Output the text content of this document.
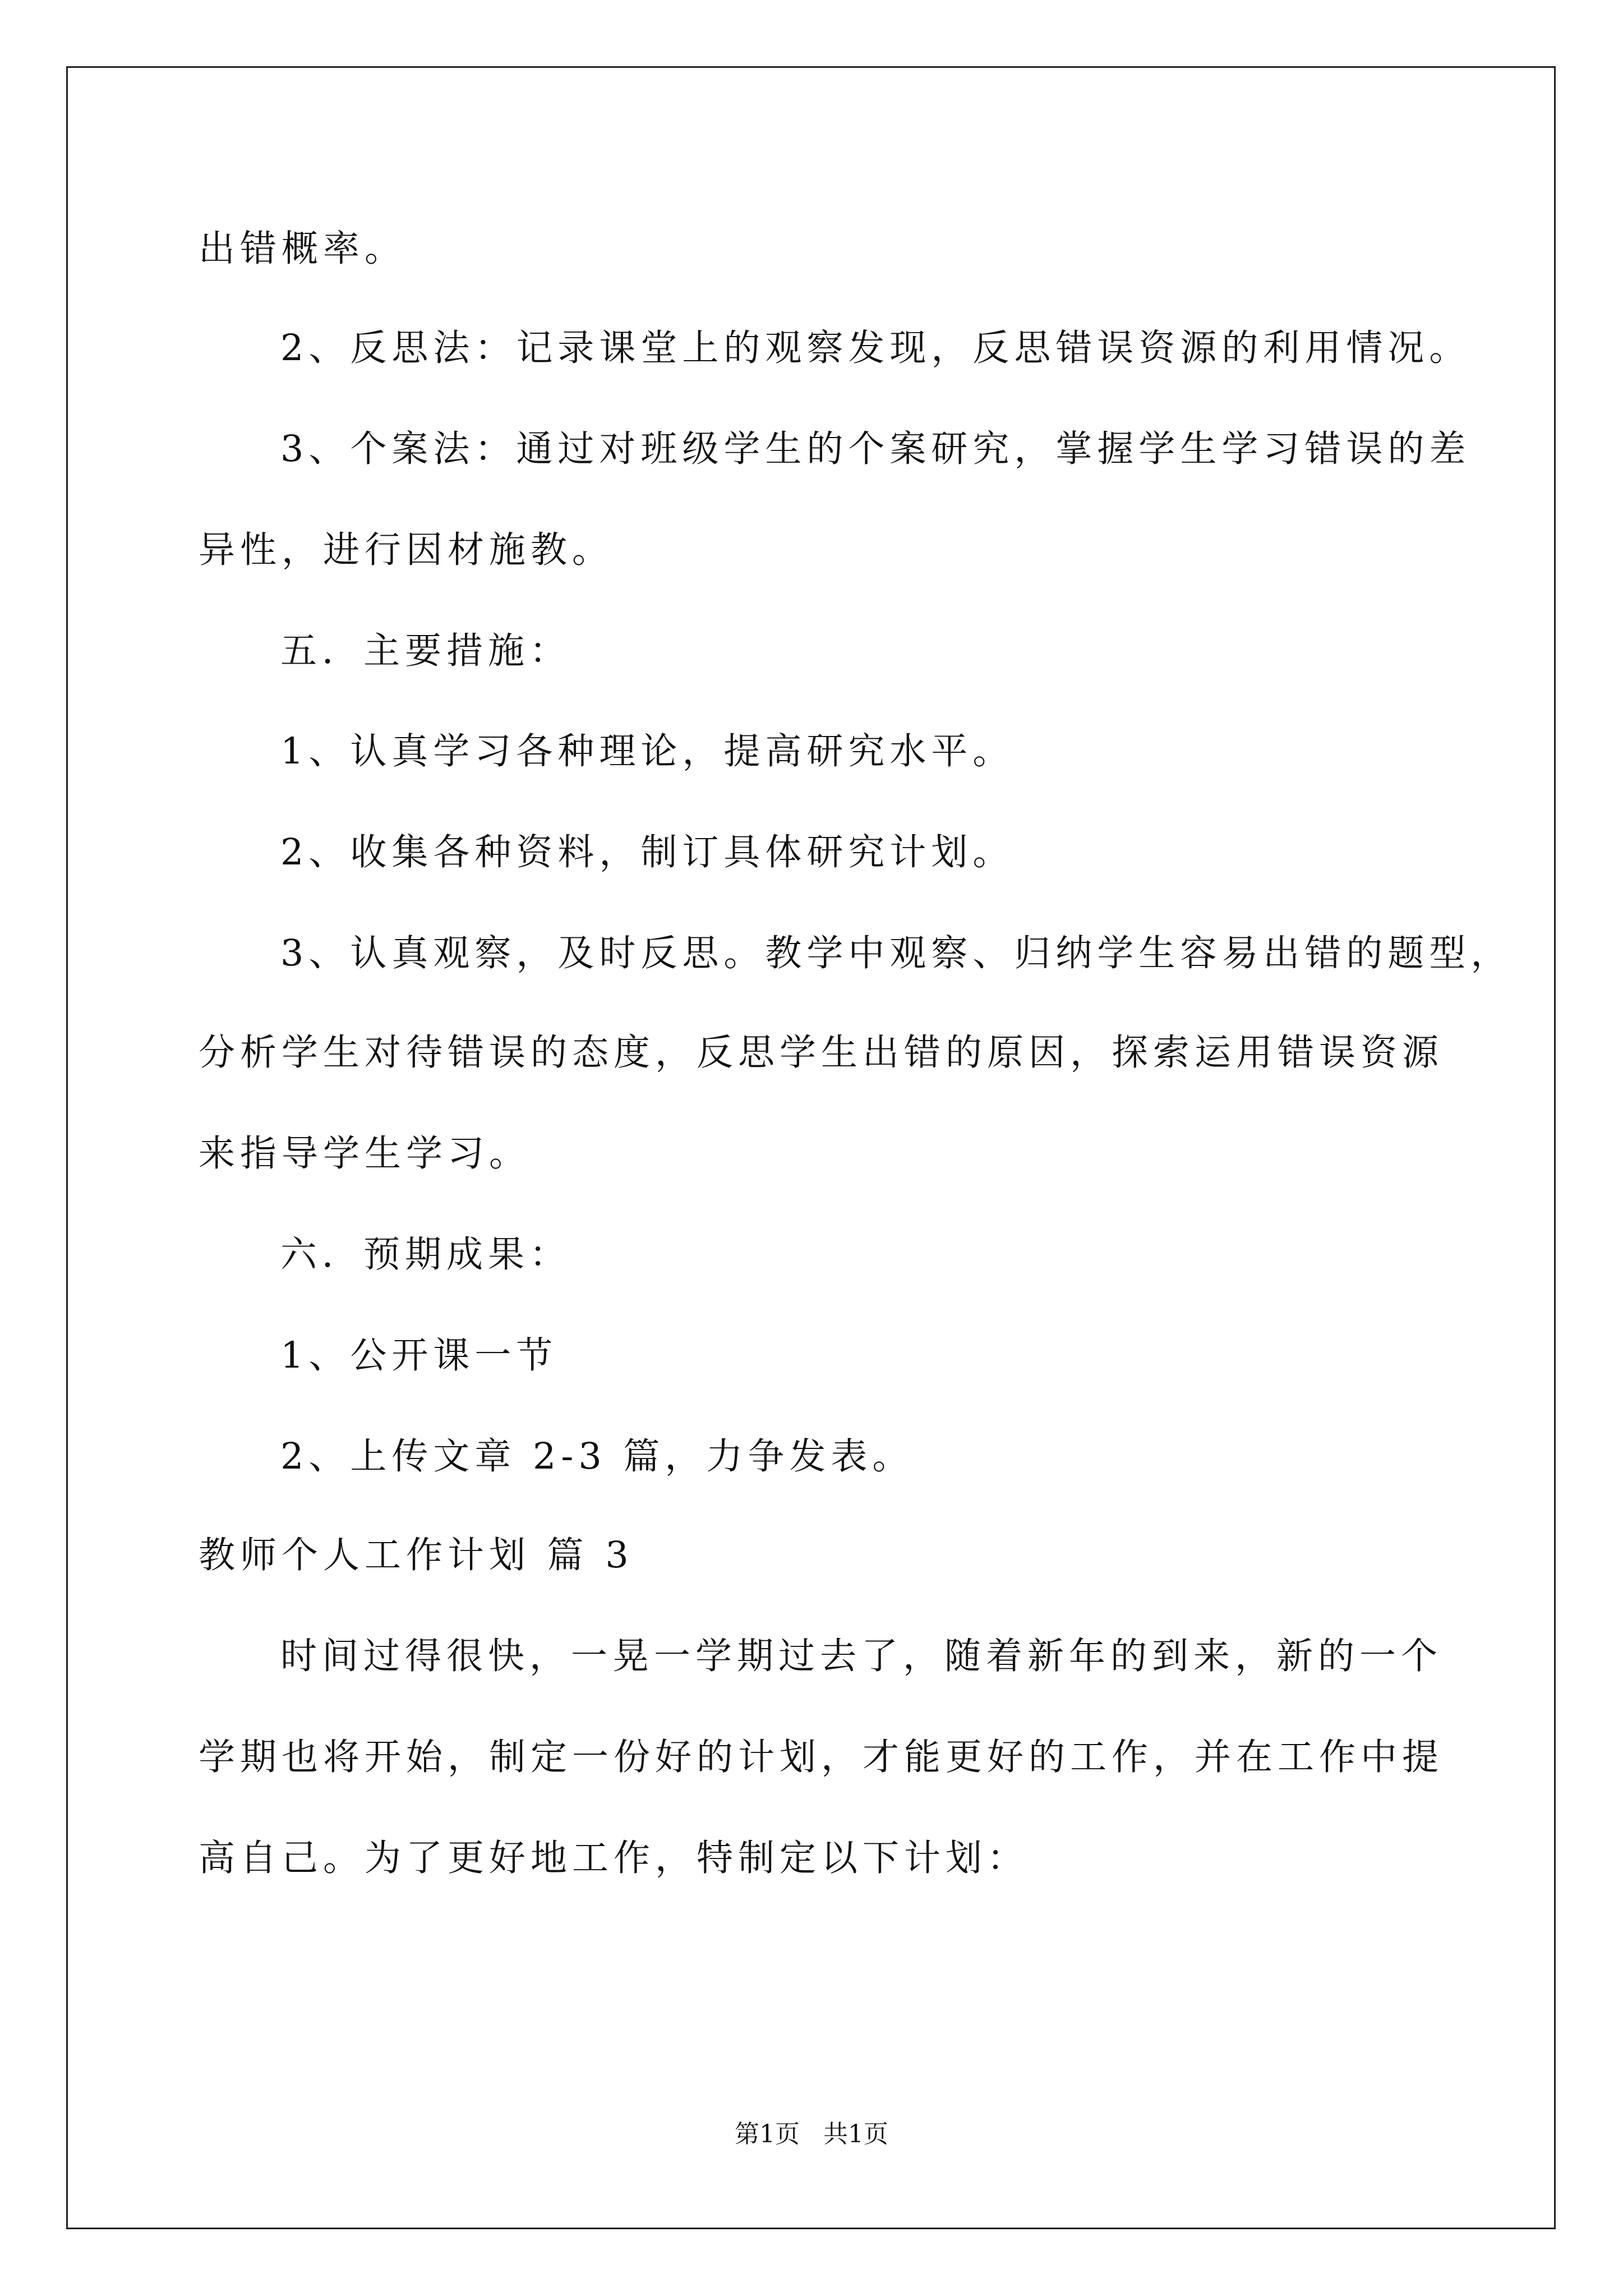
出错概率。
2、反思法：记录课堂上的观察发现，反思错误资源的利用情况。
3、个案法：通过对班级学生的个案研究，掌握学生学习错误的差
异性，进行因材施教。
五．主要措施：
1、认真学习各种理论，提高研究水平。
2、收集各种资料，制订具体研究计划。
3、认真观察，及时反思。教学中观察、归纳学生容易出错的题型，
分析学生对待错误的态度，反思学生出错的原因，探索运用错误资源
来指导学生学习。
六．预期成果：
1、公开课一节
2、上传文章 2-3 篇，力争发表。
教师个人工作计划 篇 3
时间过得很快，一晃一学期过去了，随着新年的到来，新的一个
学期也将开始，制定一份好的计划，才能更好的工作，并在工作中提
高自己。为了更好地工作，特制定以下计划：
第1页   共1页
